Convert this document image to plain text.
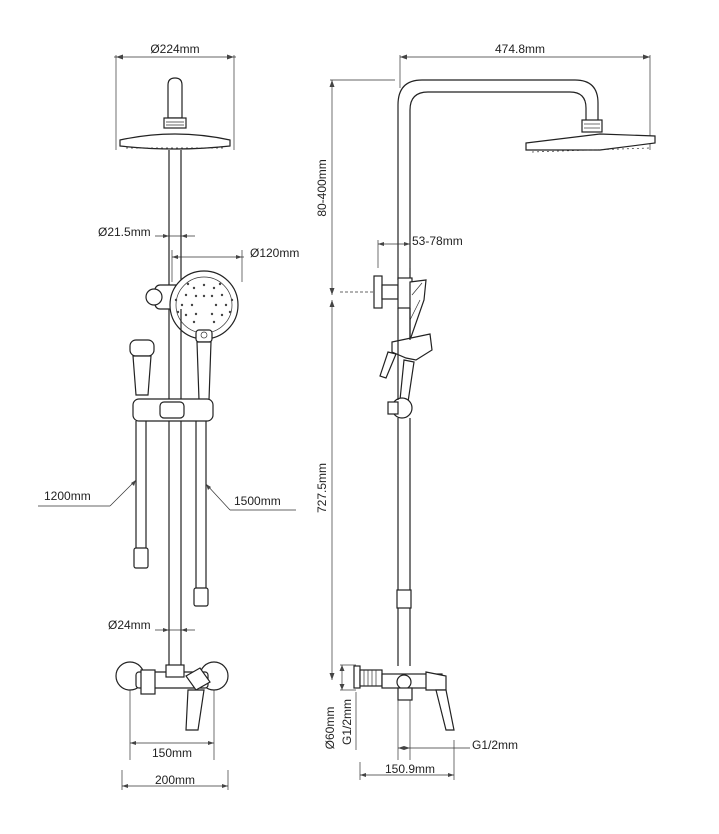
Ø224mm
Ø21.5mm
Ø120mm
1200mm	1500mm
Ø24mm
150mm
200mm
474.8mm
80-400mm
53-78mm
727.5mm
Ø60mm G1/2mm	G1/2mm
150.9mm
